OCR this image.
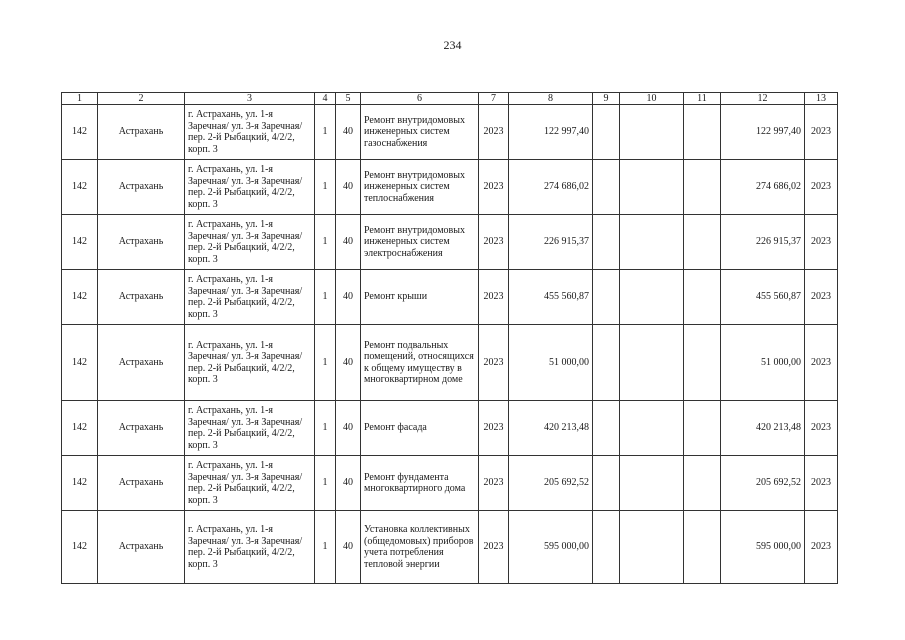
234
1	2	3	4	5	6	7	8	9	10	11	12	13
142	Астрахань	г. Астрахань, ул. 1-я Заречная/ ул. 3-я Заречная/ пер. 2-й Рыбацкий, 4/2/2, корп. 3	1	40	Ремонт внутридомовых инженерных систем газоснабжения	2023	122 997,40				122 997,40	2023
142	Астрахань	г. Астрахань, ул. 1-я Заречная/ ул. 3-я Заречная/ пер. 2-й Рыбацкий, 4/2/2, корп. 3	1	40	Ремонт внутридомовых инженерных систем теплоснабжения	2023	274 686,02				274 686,02	2023
142	Астрахань	г. Астрахань, ул. 1-я Заречная/ ул. 3-я Заречная/ пер. 2-й Рыбацкий, 4/2/2, корп. 3	1	40	Ремонт внутридомовых инженерных систем электроснабжения	2023	226 915,37				226 915,37	2023
142	Астрахань	г. Астрахань, ул. 1-я Заречная/ ул. 3-я Заречная/ пер. 2-й Рыбацкий, 4/2/2, корп. 3	1	40	Ремонт крыши	2023	455 560,87				455 560,87	2023
142	Астрахань	г. Астрахань, ул. 1-я Заречная/ ул. 3-я Заречная/ пер. 2-й Рыбацкий, 4/2/2, корп. 3	1	40	Ремонт подвальных помещений, относящихся к общему имуществу в многоквартирном доме	2023	51 000,00				51 000,00	2023
142	Астрахань	г. Астрахань, ул. 1-я Заречная/ ул. 3-я Заречная/ пер. 2-й Рыбацкий, 4/2/2, корп. 3	1	40	Ремонт фасада	2023	420 213,48				420 213,48	2023
142	Астрахань	г. Астрахань, ул. 1-я Заречная/ ул. 3-я Заречная/ пер. 2-й Рыбацкий, 4/2/2, корп. 3	1	40	Ремонт фундамента многоквартирного дома	2023	205 692,52				205 692,52	2023
142	Астрахань	г. Астрахань, ул. 1-я Заречная/ ул. 3-я Заречная/ пер. 2-й Рыбацкий, 4/2/2, корп. 3	1	40	Установка коллективных (общедомовых) приборов учета потребления тепловой энергии	2023	595 000,00				595 000,00	2023
